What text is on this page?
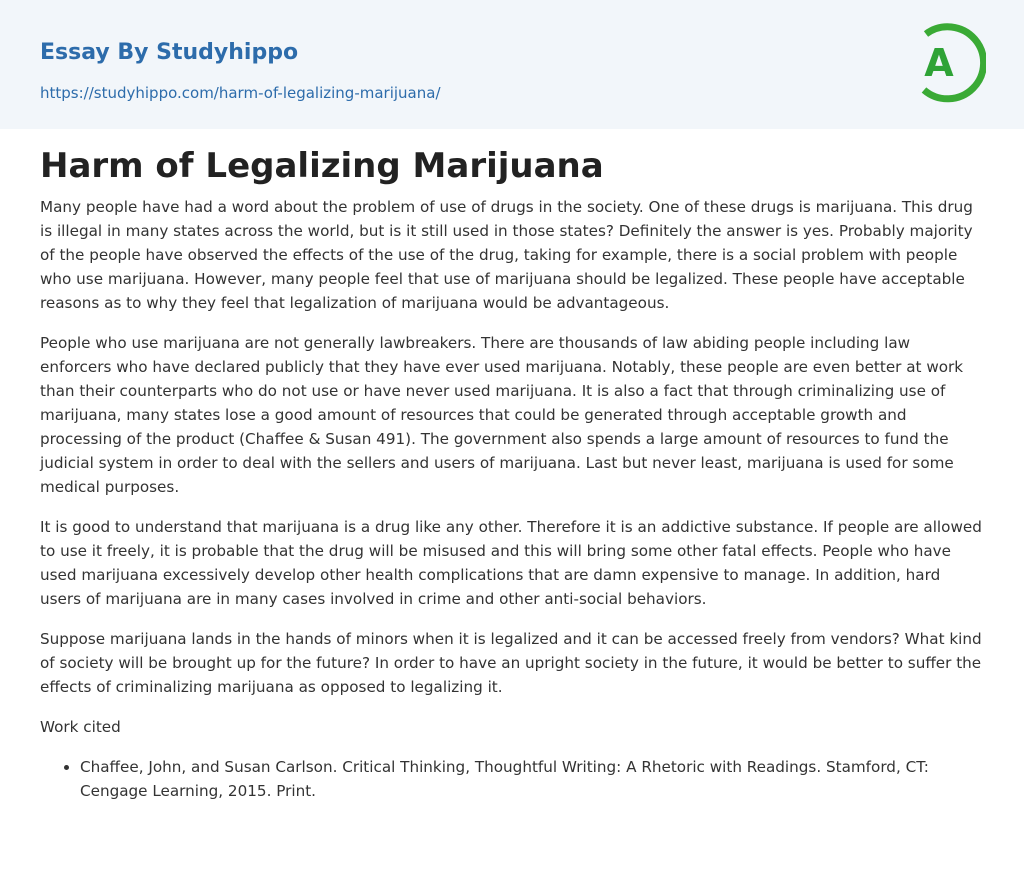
Essay By Studyhippo
https://studyhippo.com/harm-of-legalizing-marijuana/
A
Harm of Legalizing Marijuana

Many people have had a word about the problem of use of drugs in the society. One of these drugs is marijuana. This drug is illegal in many states across the world, but is it still used in those states? Definitely the answer is yes. Probably majority of the people have observed the effects of the use of the drug, taking for example, there is a social problem with people who use marijuana. However, many people feel that use of marijuana should be legalized. These people have acceptable reasons as to why they feel that legalization of marijuana would be advantageous.

People who use marijuana are not generally lawbreakers. There are thousands of law abiding people including law enforcers who have declared publicly that they have ever used marijuana. Notably, these people are even better at work than their counterparts who do not use or have never used marijuana. It is also a fact that through criminalizing use of marijuana, many states lose a good amount of resources that could be generated through acceptable growth and processing of the product (Chaffee & Susan 491). The government also spends a large amount of resources to fund the judicial system in order to deal with the sellers and users of marijuana. Last but never least, marijuana is used for some medical purposes.

It is good to understand that marijuana is a drug like any other. Therefore it is an addictive substance. If people are allowed to use it freely, it is probable that the drug will be misused and this will bring some other fatal effects. People who have used marijuana excessively develop other health complications that are damn expensive to manage. In addition, hard users of marijuana are in many cases involved in crime and other anti-social behaviors.

Suppose marijuana lands in the hands of minors when it is legalized and it can be accessed freely from vendors? What kind of society will be brought up for the future? In order to have an upright society in the future, it would be better to suffer the effects of criminalizing marijuana as opposed to legalizing it.

Work cited

• Chaffee, John, and Susan Carlson. Critical Thinking, Thoughtful Writing: A Rhetoric with Readings. Stamford, CT: Cengage Learning, 2015. Print.
